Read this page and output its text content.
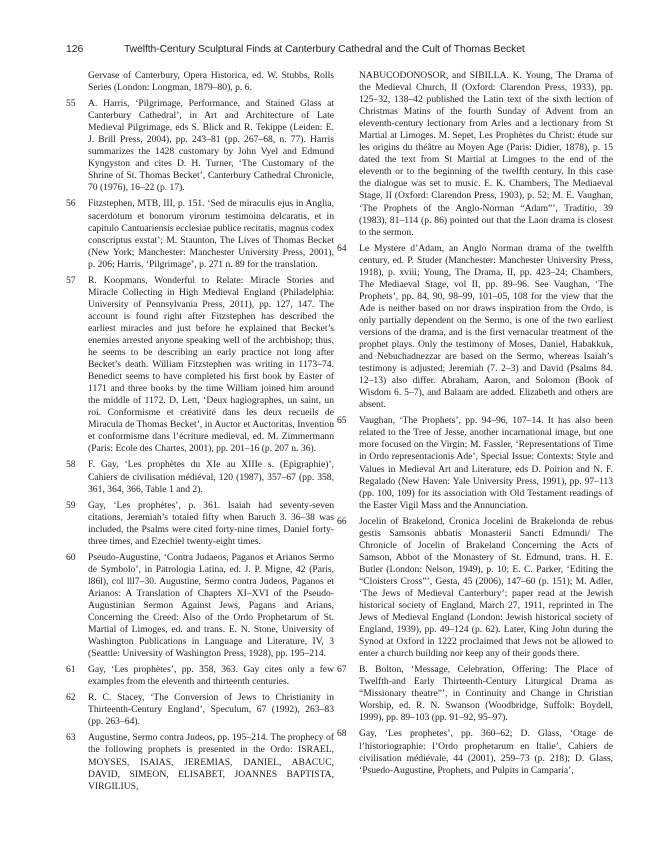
126	Twelfth-Century Sculptural Finds at Canterbury Cathedral and the Cult of Thomas Becket
Gervase of Canterbury, Opera Historica, ed. W. Stubbs, Rolls Series (London: Longman, 1879–80), p. 6.
55 A. Harris, ‘Pilgrimage, Performance, and Stained Glass at Canterbury Cathedral’, in Art and Architecture of Late Medieval Pilgrimage, eds S. Blick and R. Tekippe (Leiden: E. J. Brill Press, 2004), pp. 243–81 (pp. 267–68, n. 77). Harris summarizes the 1428 customary by John Vyel and Edmund Kyngyston and cites D. H. Turner, ‘The Customary of the Shrine of St. Thomas Becket’, Canterbury Cathedral Chronicle, 70 (1976), 16–22 (p. 17).
56 Fitzstephen, MTB, III, p. 151. ‘Sed de miraculis ejus in Anglia, sacerdotum et bonorum virorum testimoina delcaratis, et in capitulo Cantuariensis ecclesiae publice recitatis, magnus codex conscriptus exstat’; M. Staunton, The Lives of Thomas Becket (New York; Manchester: Manchester University Press, 2001), p. 206; Harris, ‘Pilgrimage’, p. 271 n. 89 for the translation.
57 R. Koopmans, Wonderful to Relate: Miracle Stories and Miracle Collecting in High Medieval England (Philadelphia: University of Pennsylvania Press, 2011), pp. 127, 147. The account is found right after Fitzstephen has described the earliest miracles and just before he explained that Becket’s enemies arrested anyone speaking well of the archbishop; thus, he seems to be describing an early practice not long after Becket’s death. William Fitzstephen was writing in 1173–74. Benedict seems to have completed his first book by Easter of 1171 and three books by the time William joined him around the middle of 1172. D. Lett, ‘Deux hagiographes, un saint, un roi. Conformisme et créativité dans les deux recueils de Miracula de Thomas Becket’, in Auctor et Auctoritas, Invention et conformisme dans l’écriture medieval, ed. M. Zimmermann (Paris: Ecole des Chartes, 2001), pp. 201–16 (p. 207 n. 36).
58 F. Gay, ‘Les prophètes du XIe au XIIIe s. (Epigraphie)’, Cahiers de civilisation médiéval, 120 (1987), 357–67 (pp. 358, 361, 364, 366, Table 1 and 2).
59 Gay, ‘Les prophètes’, p. 361. Isaiah had seventy-seven citations, Jeremiah’s totaled fifty when Baruch 3. 36–38 was included, the Psalms were cited forty-nine times, Daniel forty-three times, and Ezechiel twenty-eight times.
60 Pseudo-Augustine, ‘Contra Judaeos, Paganos et Arianos Sermo de Symbolo’, in Patrologia Latina, ed. J. P. Migne, 42 (Paris, l86l), col lll7–30. Augustine, Sermo contra Judeos, Paganos et Arianos: A Translation of Chapters XI–XVI of the Pseudo-Augustinian Sermon Against Jews, Pagans and Arians, Concerning the Creed: Also of the Ordo Prophetarum of St. Martial of Limoges, ed. and trans. E. N. Stone, University of Washington Publications in Language and Literature, IV, 3 (Seattle: University of Washington Press, 1928), pp. 195–214.
61 Gay, ‘Les prophètes’, pp. 358, 363. Gay cites only a few examples from the eleventh and thirteenth centuries.
62 R. C. Stacey, ‘The Conversion of Jews to Christianity in Thirteenth-Century England’, Speculum, 67 (1992), 263–83 (pp. 263–64).
63 Augustine, Sermo contra Judeos, pp. 195–214. The prophecy of the following prophets is presented in the Ordo: ISRAEL, MOYSES, ISAIAS, JEREMIAS, DANIEL, ABACUC, DAVID, SIMEON, ELISABET, JOANNES BAPTISTA, VIRGILIUS,
NABUCODONOSOR, and SIBILLA. K. Young, The Drama of the Medieval Church, II (Oxford: Clarendon Press, 1933), pp. 125–32, 138–42 published the Latin text of the sixth lection of Christmas Matins of the fourth Sunday of Advent from an eleventh-century lectionary from Arles and a lectionary from St Martial at Limoges. M. Sepet, Les Prophètes du Christ: étude sur les origins du théâtre au Moyen Age (Paris: Didier, 1878), p. 15 dated the text from St Martial at Limgoes to the end of the eleventh or to the beginning of the twelfth century. In this case the dialogue was set to music. E. K. Chambers, The Mediaeval Stage, II (Oxford: Clarendon Press, 1903), p. 52; M. E. Vaughan, ‘The Prophets of the Anglo-Norman “Adam”’, Traditio, 39 (1983), 81–114 (p. 86) pointed out that the Laon drama is closest to the sermon.
64 Le Mystere d’Adam, an Anglo Norman drama of the twelfth century, ed. P. Studer (Manchester: Manchester University Press, 1918), p. xviii; Young, The Drama, II, pp. 423–24; Chambers, The Mediaeval Stage, vol II, pp. 89–96. See Vaughan, ‘The Prophets’, pp. 84, 90, 98–99, 101–05, 108 for the view that the Ade is neither based on nor draws inspiration from the Ordo, is only partially dependent on the Sermo, is one of the two earliest versions of the drama, and is the first vernacular treatment of the prophet plays. Only the testimony of Moses, Daniel, Habakkuk, and Nebuchadnezzar are based on the Sermo, whereas Isaiah’s testimony is adjusted; Jeremiah (7. 2–3) and David (Psalms 84. 12–13) also differ. Abraham, Aaron, and Solomon (Book of Wisdom 6. 5–7), and Balaam are added. Elizabeth and others are absent.
65 Vaughan, ‘The Prophets’, pp. 94–96, 107–14. It has also been related to the Tree of Jesse, another incarnational image, but one more focused on the Virgin; M. Fassler, ‘Representations of Time in Ordo representacionis Ade’, Special Issue: Contexts: Style and Values in Medieval Art and Literature, eds D. Poirion and N. F. Regalado (New Haven: Yale University Press, 1991), pp. 97–113 (pp. 100, 109) for its association with Old Testament readings of the Easter Vigil Mass and the Annunciation.
66 Jocelin of Brakelond, Cronica Jocelini de Brakelonda de rebus gestis Samsonis abbatis Monasterii Sancti Edmundi/ The Chronicle of Jocelin of Brakeland Concerning the Acts of Samson, Abbot of the Monastery of St. Edmund, trans. H. E. Butler (London: Nelson, 1949), p. 10; E. C. Parker, ‘Editing the “Cloisters Cross”’, Gesta, 45 (2006), 147–60 (p. 151); M. Adler, ‘The Jews of Medieval Canterbury’; paper read at the Jewish historical society of England, March 27, 1911, reprinted in The Jews of Medieval England (London: Jewish historical society of England, 1939), pp. 49–124 (p. 62). Later, King John during the Synod at Oxford in 1222 proclaimed that Jews not be allowed to enter a church building nor keep any of their goods there.
67 B. Bolton, ‘Message, Celebration, Offering: The Place of Twelfth-and Early Thirteenth-Century Liturgical Drama as “Missionary theatre”’, in Continuity and Change in Christian Worship, ed. R. N. Swanson (Woodbridge, Suffolk: Boydell, 1999), pp. 89–103 (pp. 91–92, 95–97).
68 Gay, ‘Les prophetes’, pp. 360–62; D. Glass, ‘Otage de l’historiographie: l’Ordo prophetarum en Italie’, Cahiers de civilisation médiévale, 44 (2001), 259–73 (p. 218); D. Glass, ‘Psuedo-Augustine, Prophets, and Pulpits in Camparia’,
